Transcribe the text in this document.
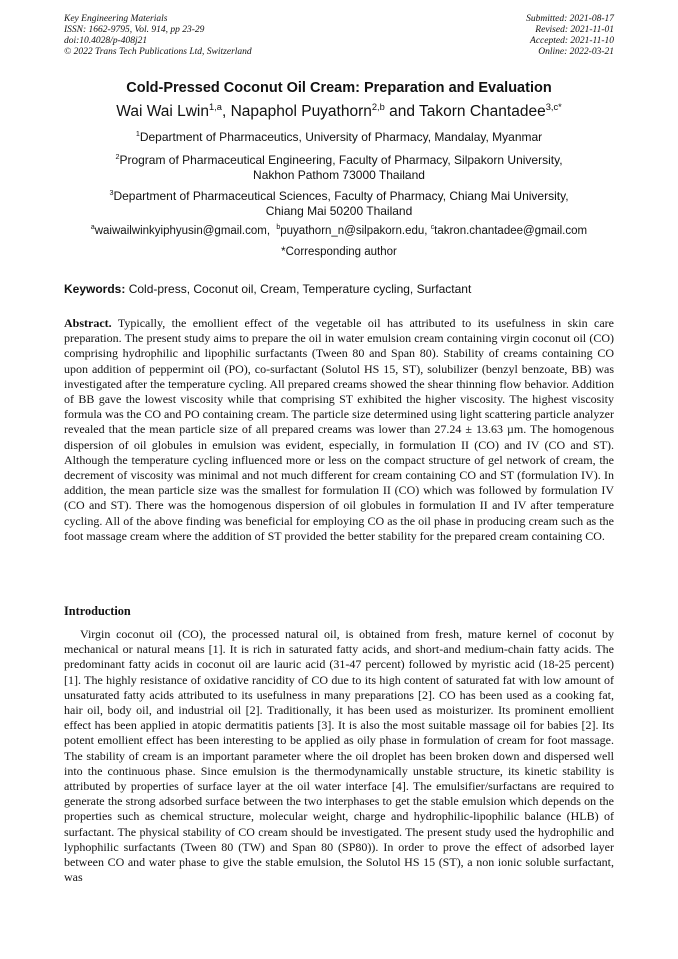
Key Engineering Materials
ISSN: 1662-9795, Vol. 914, pp 23-29
doi:10.4028/p-408j21
© 2022 Trans Tech Publications Ltd, Switzerland
Submitted: 2021-08-17
Revised: 2021-11-01
Accepted: 2021-11-10
Online: 2022-03-21
Cold-Pressed Coconut Oil Cream: Preparation and Evaluation
Wai Wai Lwin$^{1,a}$, Napaphol Puyathorn$^{2,b}$ and Takorn Chantadee$^{3,c*}$
$^1$Department of Pharmaceutics, University of Pharmacy, Mandalay, Myanmar
$^2$Program of Pharmaceutical Engineering, Faculty of Pharmacy, Silpakorn University,
Nakhon Pathom 73000 Thailand
$^3$Department of Pharmaceutical Sciences, Faculty of Pharmacy, Chiang Mai University,
Chiang Mai 50200 Thailand
$^a$waiwailwinkyiphyusin@gmail.com, $^b$puyathorn_n@silpakorn.edu, $^c$takron.chantadee@gmail.com
*Corresponding author
Keywords: Cold-press, Coconut oil, Cream, Temperature cycling, Surfactant
Abstract. Typically, the emollient effect of the vegetable oil has attributed to its usefulness in skin care preparation. The present study aims to prepare the oil in water emulsion cream containing virgin coconut oil (CO) comprising hydrophilic and lipophilic surfactants (Tween 80 and Span 80). Stability of creams containing CO upon addition of peppermint oil (PO), co-surfactant (Solutol HS 15, ST), solubilizer (benzyl benzoate, BB) was investigated after the temperature cycling. All prepared creams showed the shear thinning flow behavior. Addition of BB gave the lowest viscosity while that comprising ST exhibited the higher viscosity. The highest viscosity formula was the CO and PO containing cream. The particle size determined using light scattering particle analyzer revealed that the mean particle size of all prepared creams was lower than 27.24 ± 13.63 µm. The homogenous dispersion of oil globules in emulsion was evident, especially, in formulation II (CO) and IV (CO and ST). Although the temperature cycling influenced more or less on the compact structure of gel network of cream, the decrement of viscosity was minimal and not much different for cream containing CO and ST (formulation IV). In addition, the mean particle size was the smallest for formulation II (CO) which was followed by formulation IV (CO and ST). There was the homogenous dispersion of oil globules in formulation II and IV after temperature cycling. All of the above finding was beneficial for employing CO as the oil phase in producing cream such as the foot massage cream where the addition of ST provided the better stability for the prepared cream containing CO.
Introduction
Virgin coconut oil (CO), the processed natural oil, is obtained from fresh, mature kernel of coconut by mechanical or natural means [1]. It is rich in saturated fatty acids, and short-and medium-chain fatty acids. The predominant fatty acids in coconut oil are lauric acid (31-47 percent) followed by myristic acid (18-25 percent) [1]. The highly resistance of oxidative rancidity of CO due to its high content of saturated fat with low amount of unsaturated fatty acids attributed to its usefulness in many preparations [2]. CO has been used as a cooking fat, hair oil, body oil, and industrial oil [2]. Traditionally, it has been used as moisturizer. Its prominent emollient effect has been applied in atopic dermatitis patients [3]. It is also the most suitable massage oil for babies [2]. Its potent emollient effect has been interesting to be applied as oily phase in formulation of cream for foot massage. The stability of cream is an important parameter where the oil droplet has been broken down and dispersed well into the continuous phase. Since emulsion is the thermodynamically unstable structure, its kinetic stability is attributed by properties of surface layer at the oil water interface [4]. The emulsifier/surfactans are required to generate the strong adsorbed surface between the two interphases to get the stable emulsion which depends on the properties such as chemical structure, molecular weight, charge and hydrophilic-lipophilic balance (HLB) of surfactant. The physical stability of CO cream should be investigated. The present study used the hydrophilic and lyphophilic surfactants (Tween 80 (TW) and Span 80 (SP80)). In order to prove the effect of adsorbed layer between CO and water phase to give the stable emulsion, the Solutol HS 15 (ST), a non ionic soluble surfactant, was
